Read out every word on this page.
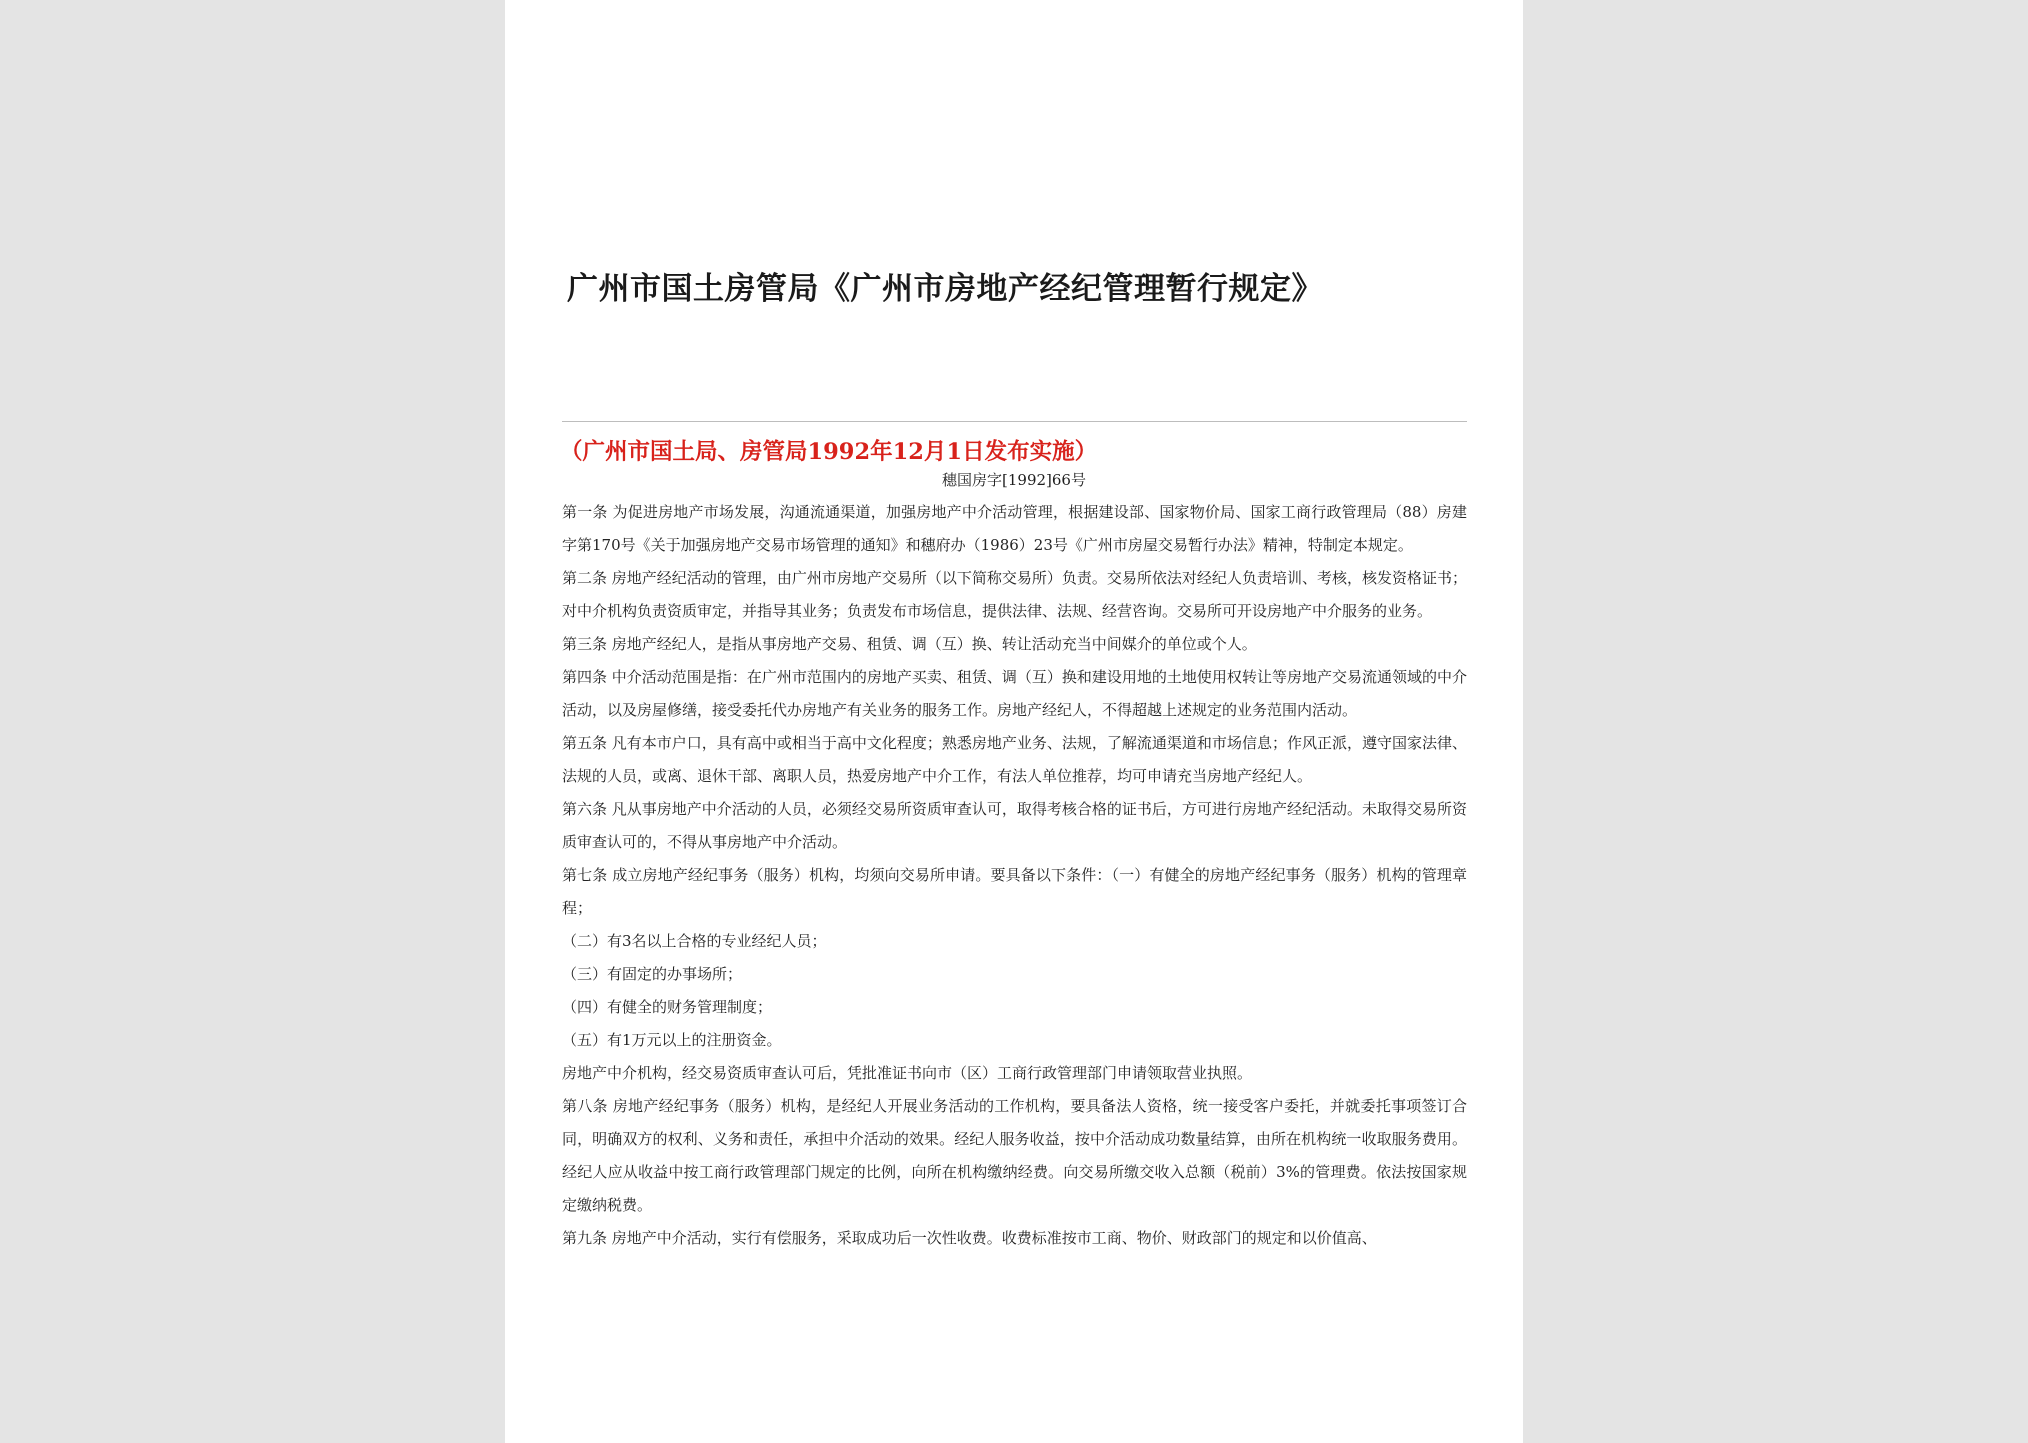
广州市国土房管局《广州市房地产经纪管理暂行规定》

（广州市国土局、房管局1992年12月1日发布实施）

穗国房字[1992]66号

第一条 为促进房地产市场发展，沟通流通渠道，加强房地产中介活动管理，根据建设部、国家物价局、国家工商行政管理局（88）房建字第170号《关于加强房地产交易市场管理的通知》和穗府办（1986）23号《广州市房屋交易暂行办法》精神，特制定本规定。

第二条 房地产经纪活动的管理，由广州市房地产交易所（以下简称交易所）负责。交易所依法对经纪人负责培训、考核，核发资格证书；对中介机构负责资质审定，并指导其业务；负责发布市场信息，提供法律、法规、经营咨询。交易所可开设房地产中介服务的业务。

第三条 房地产经纪人，是指从事房地产交易、租赁、调（互）换、转让活动充当中间媒介的单位或个人。

第四条 中介活动范围是指：在广州市范围内的房地产买卖、租赁、调（互）换和建设用地的土地使用权转让等房地产交易流通领域的中介活动，以及房屋修缮，接受委托代办房地产有关业务的服务工作。房地产经纪人，不得超越上述规定的业务范围内活动。

第五条 凡有本市户口，具有高中或相当于高中文化程度；熟悉房地产业务、法规，了解流通渠道和市场信息；作风正派，遵守国家法律、法规的人员，或离、退休干部、离职人员，热爱房地产中介工作，有法人单位推荐，均可申请充当房地产经纪人。

第六条 凡从事房地产中介活动的人员，必须经交易所资质审查认可，取得考核合格的证书后，方可进行房地产经纪活动。未取得交易所资质审查认可的，不得从事房地产中介活动。

第七条 成立房地产经纪事务（服务）机构，均须向交易所申请。要具备以下条件：（一）有健全的房地产经纪事务（服务）机构的管理章程；

（二）有3名以上合格的专业经纪人员；

（三）有固定的办事场所；

（四）有健全的财务管理制度；

（五）有1万元以上的注册资金。

房地产中介机构，经交易资质审查认可后，凭批准证书向市（区）工商行政管理部门申请领取营业执照。

第八条 房地产经纪事务（服务）机构，是经纪人开展业务活动的工作机构，要具备法人资格，统一接受客户委托，并就委托事项签订合同，明确双方的权利、义务和责任，承担中介活动的效果。经纪人服务收益，按中介活动成功数量结算，由所在机构统一收取服务费用。经纪人应从收益中按工商行政管理部门规定的比例，向所在机构缴纳经费。向交易所缴交收入总额（税前）3%的管理费。依法按国家规定缴纳税费。

第九条 房地产中介活动，实行有偿服务，采取成功后一次性收费。收费标准按市工商、物价、财政部门的规定和以价值高、
